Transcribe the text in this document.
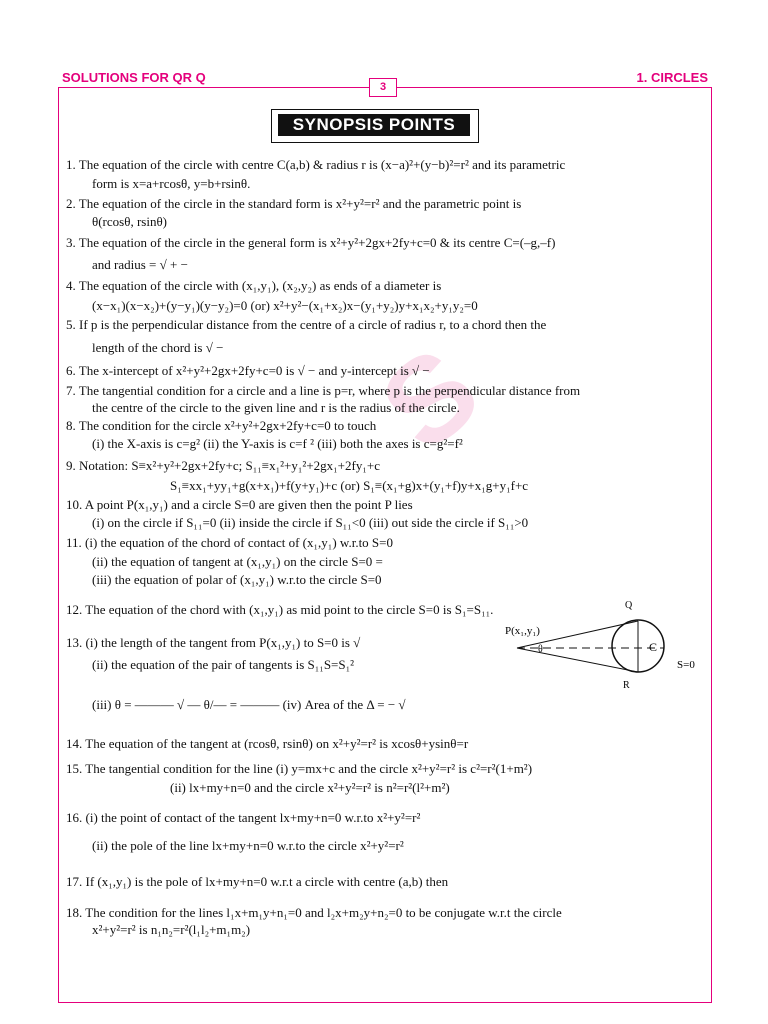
SOLUTIONS FOR QR Q	1. CIRCLES
3
SYNOPSIS POINTS
S
1. The equation of the circle with centre C(a,b) & radius r is (x−a)²+(y−b)²=r² and its parametric
form is x=a+rcosθ, y=b+rsinθ.
2. The equation of the circle in the standard form is x²+y²=r² and the parametric point is
θ(rcosθ, rsinθ)
3. The equation of the circle in the general form is x²+y²+2gx+2fy+c=0 & its centre C=(–g,–f)
and radius = √ + −
4. The equation of the circle with (x₁,y₁), (x₂,y₂) as ends of a diameter is
(x−x₁)(x−x₂)+(y−y₁)(y−y₂)=0 (or) x²+y²−(x₁+x₂)x−(y₁+y₂)y+x₁x₂+y₁y₂=0
5. If p is the perpendicular distance from the centre of a circle of radius r, to a chord then the
length of the chord is √ −
6. The x-intercept of x²+y²+2gx+2fy+c=0 is √ − and y-intercept is √ −
7. The tangential condition for a circle and a line is p=r, where p is the perpendicular distance from
the centre of the circle to the given line and r is the radius of the circle.
8. The condition for the circle x²+y²+2gx+2fy+c=0 to touch
(i) the X-axis is c=g² (ii) the Y-axis is c=f ² (iii) both the axes is c=g²=f²
9. Notation: S≡x²+y²+2gx+2fy+c; S₁₁≡x₁²+y₁²+2gx₁+2fy₁+c
S₁≡xx₁+yy₁+g(x+x₁)+f(y+y₁)+c (or) S₁≡(x₁+g)x+(y₁+f)y+x₁g+y₁f+c
10. A point P(x₁,y₁) and a circle S=0 are given then the point P lies
(i) on the circle if S₁₁=0 (ii) inside the circle if S₁₁<0 (iii) out side the circle if S₁₁>0
11. (i) the equation of the chord of contact of (x₁,y₁) w.r.to S=0
(ii) the equation of tangent at (x₁,y₁) on the circle S=0 =
(iii) the equation of polar of (x₁,y₁) w.r.to the circle S=0
12. The equation of the chord with (x₁,y₁) as mid point to the circle S=0 is S₁=S₁₁.
13. (i) the length of the tangent from P(x₁,y₁) to S=0 is √
(ii) the equation of the pair of tangents is S₁₁S=S₁²
(iii) θ = ——— √ — θ/— = ——— (iv) Area of the Δ = − √
14. The equation of the tangent at (rcosθ, rsinθ) on x²+y²=r² is xcosθ+ysinθ=r
15. The tangential condition for the line (i) y=mx+c and the circle x²+y²=r² is c²=r²(1+m²)
(ii) lx+my+n=0 and the circle x²+y²=r² is n²=r²(l²+m²)
16. (i) the point of contact of the tangent lx+my+n=0 w.r.to x²+y²=r²
(ii) the pole of the line lx+my+n=0 w.r.to the circle x²+y²=r²
17. If (x₁,y₁) is the pole of lx+my+n=0 w.r.t a circle with centre (a,b) then
18. The condition for the lines l₁x+m₁y+n₁=0 and l₂x+m₂y+n₂=0 to be conjugate w.r.t the circle
x²+y²=r² is n₁n₂=r²(l₁l₂+m₁m₂)
Q
P(x₁,y₁)
θ	C
R
S=0
